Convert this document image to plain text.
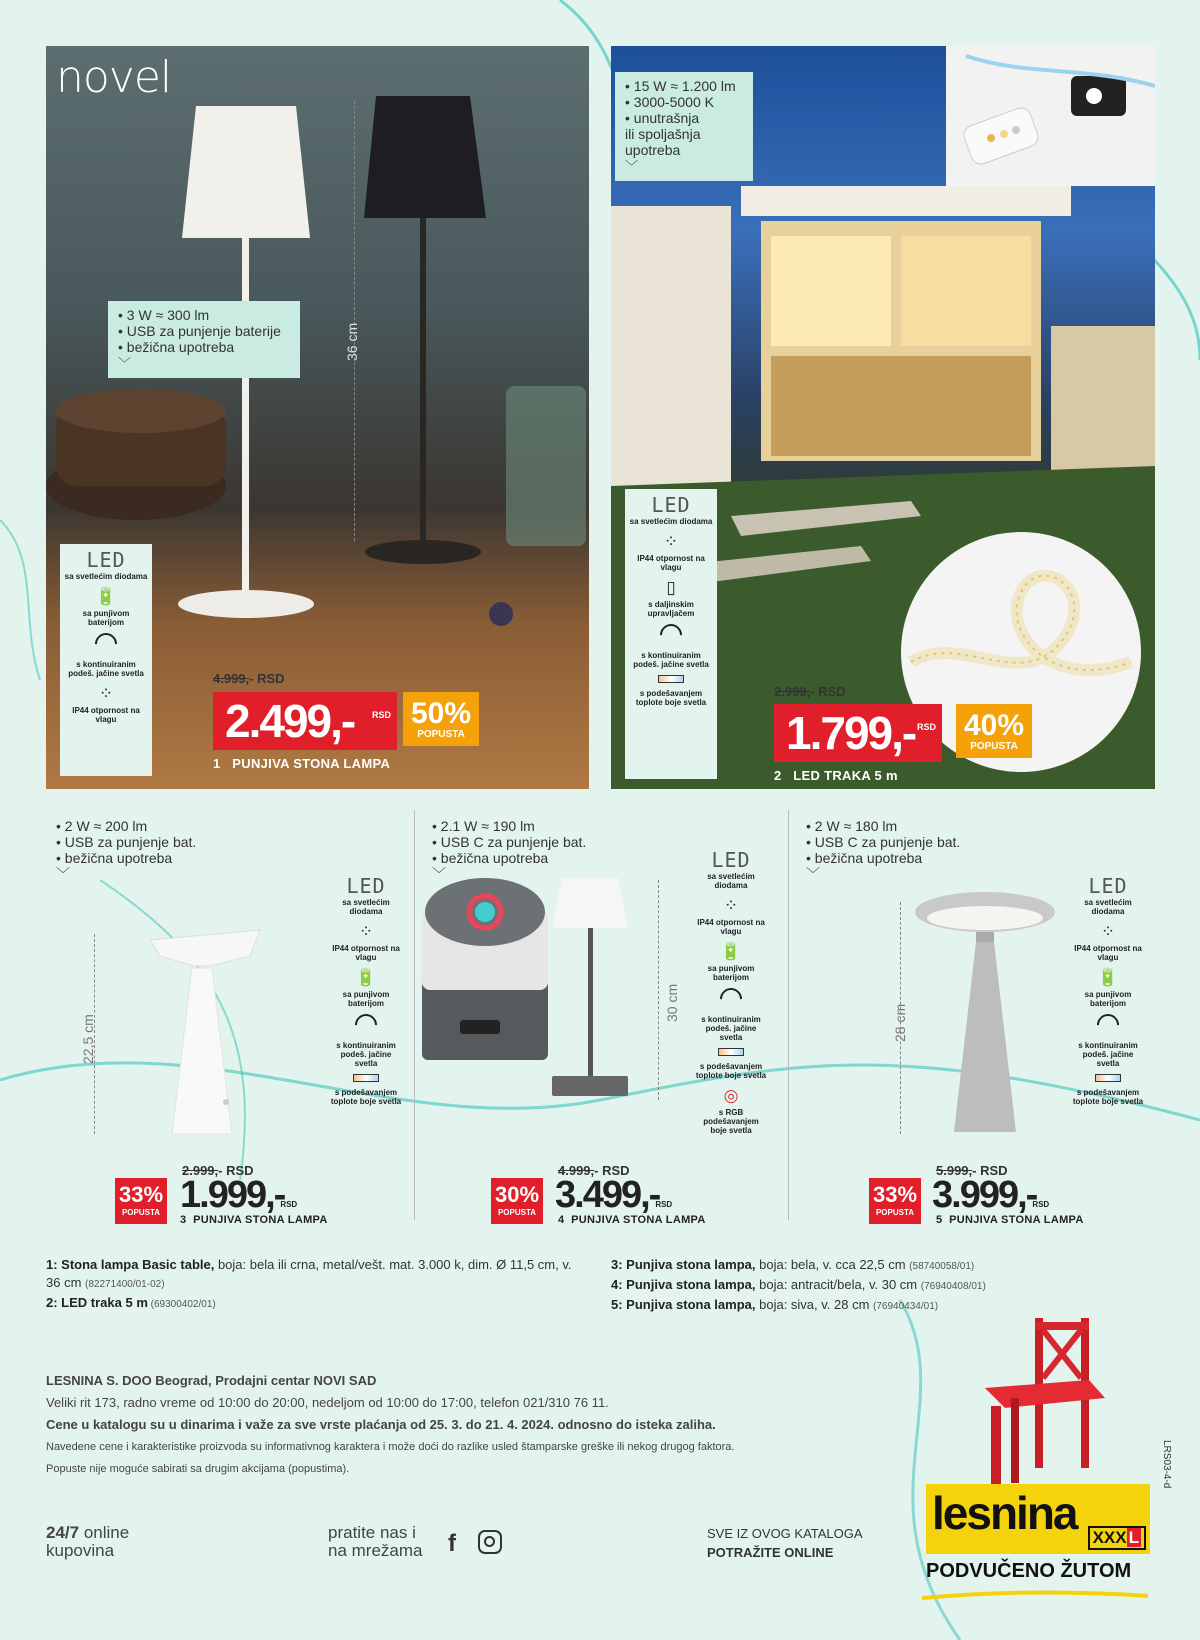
novel
36 cm
• 3 W ≈ 300 lm
• USB za punjenje baterije
• bežična upotreba
﹀
LED
sa svetlećim diodama
🔋
sa punjivom baterijom

s kontinuiranim podeš. jačine svetla
⁘
IP44 otpornost na vlagu
4.999,- RSD
2.499,- RSD 50%
POPUSTA
1 PUNJIVA STONA LAMPA
• 15 W ≈ 1.200 lm
• 3000-5000 K
• unutrašnja
ili spoljašnja
upotreba
﹀
LED
sa svetlećim diodama
⁘
IP44 otpornost na vlagu
▯
s daljinskim upravljačem

s kontinuiranim podeš. jačine svetla

s podešavanjem toplote boje svetla
2.999,- RSD
1.799,- RSD 40%
POPUSTA
2 LED TRAKA 5 m
• 2 W ≈ 200 lm
• USB za punjenje bat.
• bežična upotreba
﹀
22,5 cm
LED
sa svetlećim diodama
⁘
IP44 otpornost na vlagu
🔋
sa punjivom baterijom

s kontinuiranim podeš. jačine svetla

s podešavanjem toplote boje svetla
2.999,- RSD
33%
POPUSTA 1.999,-RSD
3 PUNJIVA STONA LAMPA
• 2.1 W ≈ 190 lm
• USB C za punjenje bat.
• bežična upotreba
﹀
30 cm
LED
sa svetlećim diodama
⁘
IP44 otpornost na vlagu
🔋
sa punjivom baterijom

s kontinuiranim podeš. jačine svetla

s podešavanjem toplote boje svetla
◎
s RGB podešavanjem boje svetla
4.999,- RSD
30%
POPUSTA 3.499,-RSD
4 PUNJIVA STONA LAMPA
• 2 W ≈ 180 lm
• USB C za punjenje bat.
• bežična upotreba
﹀
28 cm
LED
sa svetlećim diodama
⁘
IP44 otpornost na vlagu
🔋
sa punjivom baterijom

s kontinuiranim podeš. jačine svetla

s podešavanjem toplote boje svetla
5.999,- RSD
33%
POPUSTA 3.999,-RSD
5 PUNJIVA STONA LAMPA
1: Stona lampa Basic table, boja: bela ili crna, metal/vešt. mat. 3.000 k, dim. Ø 11,5 cm, v. 36 cm (82271400/01-02)
2: LED traka 5 m (69300402/01)
3: Punjiva stona lampa, boja: bela, v. cca 22,5 cm (58740058/01)
4: Punjiva stona lampa, boja: antracit/bela, v. 30 cm (76940408/01)
5: Punjiva stona lampa, boja: siva, v. 28 cm (76940434/01)
LESNINA S. DOO Beograd, Prodajni centar NOVI SAD
Veliki rit 173, radno vreme od 10:00 do 20:00, nedeljom od 10:00 do 17:00, telefon 021/310 76 11.
Cene u katalogu su u dinarima i važe za sve vrste plaćanja od 25. 3. do 21. 4. 2024. odnosno do isteka zaliha.
Navedene cene i karakteristike proizvoda su informativnog karaktera i može doći do razlike usled štamparske greške ili nekog drugog faktora.
Popuste nije moguće sabirati sa drugim akcijama (popustima).
24/7 online
kupovina
pratite nas i
na mrežama f	SVE IZ OVOG KATALOGA
POTRAŽITE ONLINE
lesnina XXX L
PODVUČENO ŽUTOM
LRS03-4-d
